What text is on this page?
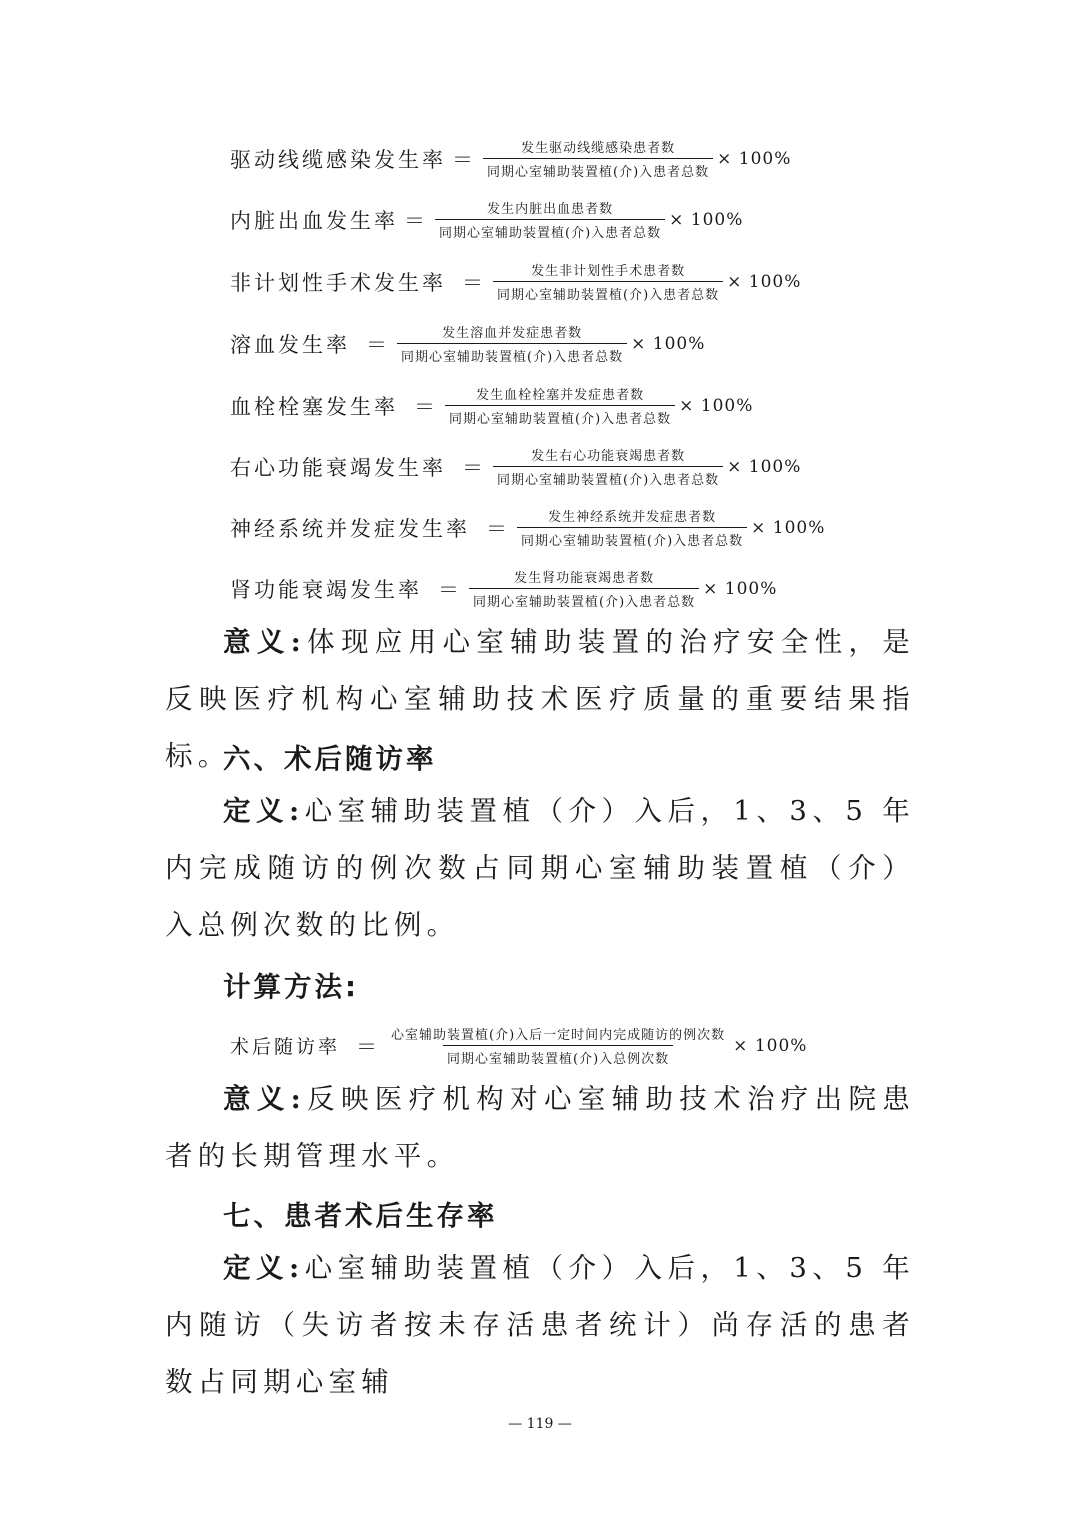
驱动线缆感染发生率 ＝ $\frac{\text{发生驱动线缆感染患者数}}{\text{同期心室辅助装置植(介)入患者总数}} \times 100\%$
内脏出血发生率 ＝ $\frac{\text{发生内脏出血患者数}}{\text{同期心室辅助装置植(介)入患者总数}} \times 100\%$
非计划性手术发生率 ＝ $\frac{\text{发生非计划性手术患者数}}{\text{同期心室辅助装置植(介)入患者总数}} \times 100\%$
溶血发生率 ＝ $\frac{\text{发生溶血并发症患者数}}{\text{同期心室辅助装置植(介)入患者总数}} \times 100\%$
血栓栓塞发生率 ＝ $\frac{\text{发生血栓栓塞并发症患者数}}{\text{同期心室辅助装置植(介)入患者总数}} \times 100\%$
右心功能衰竭发生率 ＝ $\frac{\text{发生右心功能衰竭患者数}}{\text{同期心室辅助装置植(介)入患者总数}} \times 100\%$
神经系统并发症发生率 ＝ $\frac{\text{发生神经系统并发症患者数}}{\text{同期心室辅助装置植(介)入患者总数}} \times 100\%$
肾功能衰竭发生率 ＝ $\frac{\text{发生肾功能衰竭患者数}}{\text{同期心室辅助装置植(介)入患者总数}} \times 100\%$

意义:体现应用心室辅助装置的治疗安全性，是反映医疗机构心室辅助技术医疗质量的重要结果指标。

六、术后随访率

定义:心室辅助装置植（介）入后，1、3、5 年内完成随访的例次数占同期心室辅助装置植（介）入总例次数的比例。

计算方法:
术后随访率 ＝ $\frac{\text{心室辅助装置植(介)入后一定时间内完成随访的例次数}}{\text{同期心室辅助装置植(介)入总例次数}} \times 100\%$

意义:反映医疗机构对心室辅助技术治疗出院患者的长期管理水平。

七、患者术后生存率

定义:心室辅助装置植（介）入后，1、3、5 年内随访（失访者按未存活患者统计）尚存活的患者数占同期心室辅

— 119 —
